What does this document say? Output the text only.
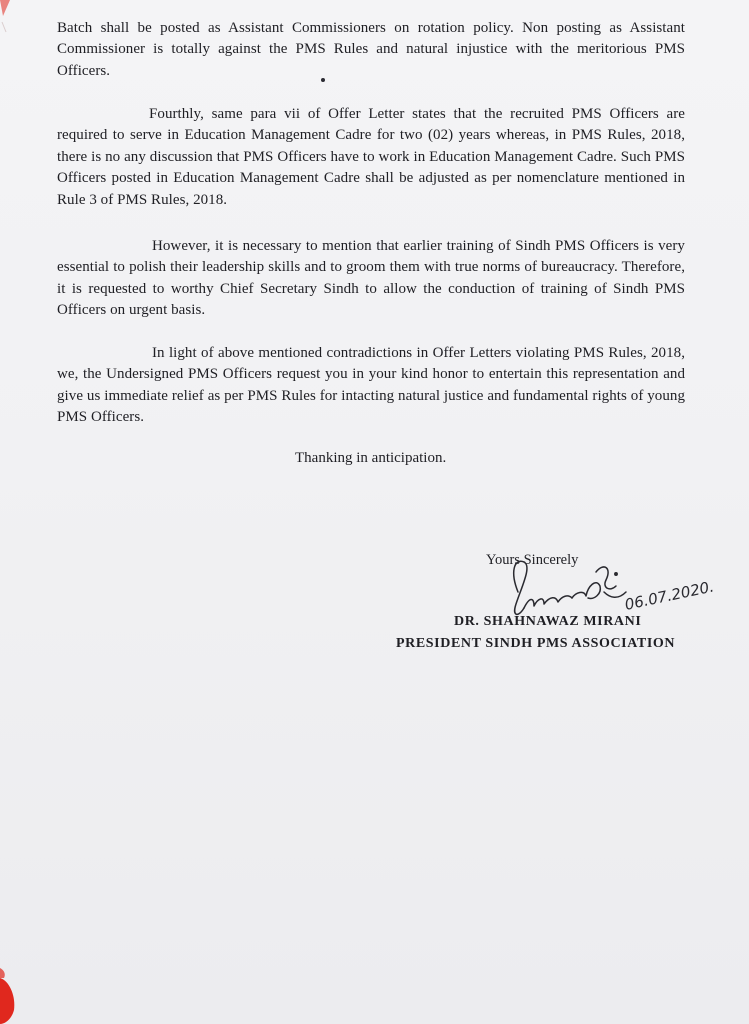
Batch shall be posted as Assistant Commissioners on rotation policy. Non posting as Assistant Commissioner is totally against the PMS Rules and natural injustice with the meritorious PMS Officers.

Fourthly, same para vii of Offer Letter states that the recruited PMS Officers are required to serve in Education Management Cadre for two (02) years whereas, in PMS Rules, 2018, there is no any discussion that PMS Officers have to work in Education Management Cadre. Such PMS Officers posted in Education Management Cadre shall be adjusted as per nomenclature mentioned in Rule 3 of PMS Rules, 2018.

However, it is necessary to mention that earlier training of Sindh PMS Officers is very essential to polish their leadership skills and to groom them with true norms of bureaucracy. Therefore, it is requested to worthy Chief Secretary Sindh to allow the conduction of training of Sindh PMS Officers on urgent basis.

In light of above mentioned contradictions in Offer Letters violating PMS Rules, 2018, we, the Undersigned PMS Officers request you in your kind honor to entertain this representation and give us immediate relief as per PMS Rules for intacting natural justice and fundamental rights of young PMS Officers.

Thanking in anticipation.
Yours Sincerely
06.07.2020.
DR. SHAHNAWAZ MIRANI
PRESIDENT SINDH PMS ASSOCIATION
